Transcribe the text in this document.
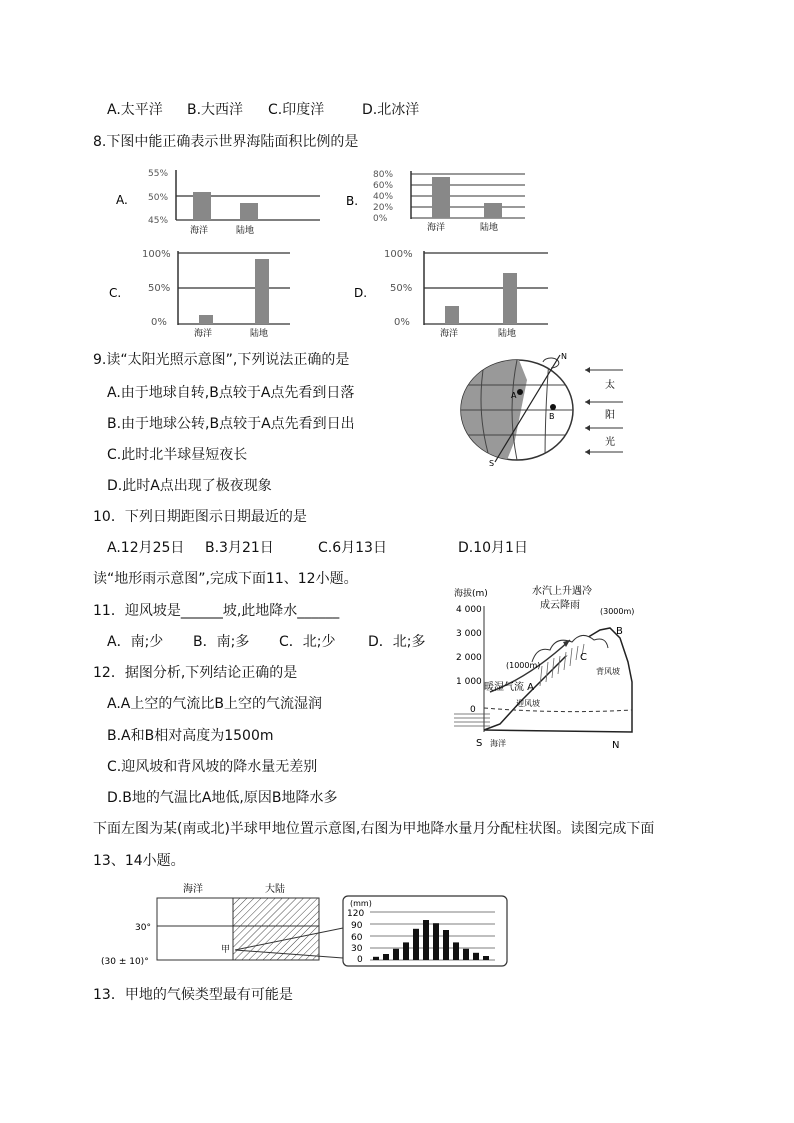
A.太平洋 B.大西洋 C.印度洋	D.北冰洋
8.下图中能正确表示世界海陆面积比例的是
A.
55%
50%
45%
海洋	陆地
B.
80%
60%
40%
20%
0%
海洋	陆地
C.
100%
50%
0%
海洋	陆地
D.
100%
50%
0%
海洋	陆地
9.读“太阳光照示意图”,下列说法正确的是
A.由于地球自转,B点较于A点先看到日落
B.由于地球公转,B点较于A点先看到日出
C.此时北半球昼短夜长
D.此时A点出现了极夜现象
A
B
N
S
太
阳
光
10．下列日期距图示日期最近的是
A.12月25日 B.3月21日	C.6月13日	D.10月1日
读“地形雨示意图”,完成下面11、12小题。
11．迎风坡是______坡,此地降水______
A．南;少 B．南;多 C．北;少 D．北;多
12．据图分析,下列结论正确的是
A.A上空的气流比B上空的气流湿润
B.A和B相对高度为1500m
C.迎风坡和背风坡的降水量无差别
D.B地的气温比A地低,原因B地降水多
海拔(m)	水汽上升遇冷
成云降雨
4 000
3 000
2 000
1 000
0
(3000m)
B
C
(1000m)
暖湿气流 A
背风坡
迎风坡
S 海洋	N
下面左图为某(南或北)半球甲地位置示意图,右图为甲地降水量月分配柱状图。读图完成下面
13、14小题。
海洋	大陆
30°
甲
(30 ± 10)°
(mm)
120
90
60
30
0
13．甲地的气候类型最有可能是
